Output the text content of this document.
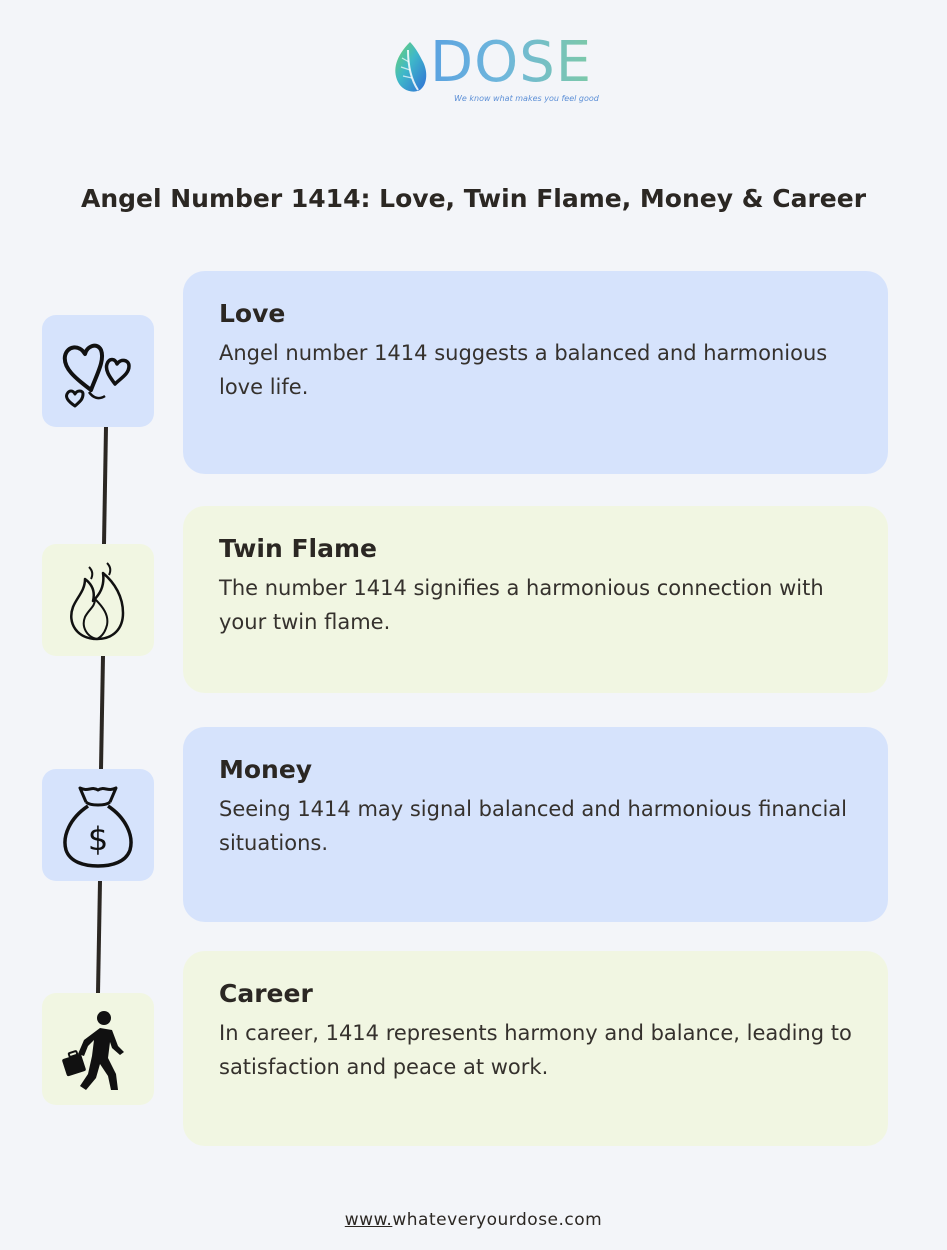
DOSE
We know what makes you feel good
Angel Number 1414: Love, Twin Flame, Money & Career
Love

Angel number 1414 suggests a balanced and harmonious love life.

Twin Flame

The number 1414 signifies a harmonious connection with your twin flame.

$
Money

Seeing 1414 may signal balanced and harmonious financial situations.

Career

In career, 1414 represents harmony and balance, leading to satisfaction and peace at work.

www.whateveryourdose.com
